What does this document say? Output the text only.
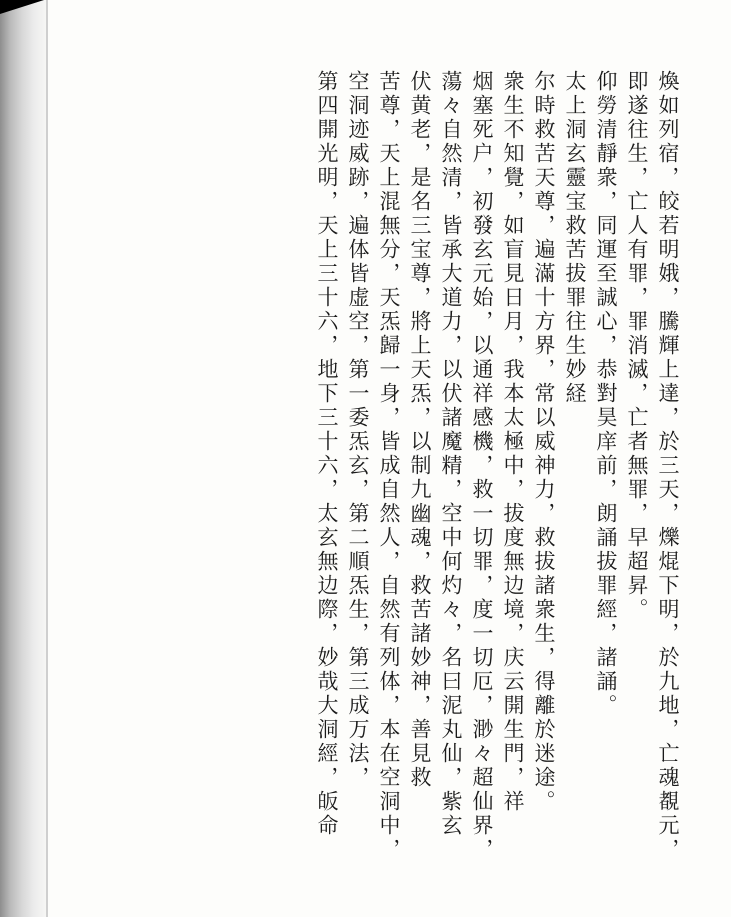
煥如列宿，皎若明娥，騰輝上達，於三天，爍焜下明，於九地，亡魂覩元，
即遂往生，亡人有罪，罪消滅，亡者無罪，早超昇。
仰勞清靜衆，同運至誠心，恭對昊庠前，朗誦拔罪經，諸誦。
太上洞玄靈宝救苦拔罪往生妙経
尔時救苦天尊，遍滿十方界，常以威神力，救拔諸衆生，得離於迷途。
衆生不知覺，如盲見日月，我本太極中，拔度無边境，庆云開生門，祥
烟塞死户，初發玄元始，以通祥感機，救一切罪，度一切厄，渺々超仙界，
蕩々自然清，皆承大道力，以伏諸魔精，空中何灼々，名曰泥丸仙，紫玄
伏黄老，是名三宝尊，將上天炁，以制九幽魂，救苦諸妙神，善見救
苦尊，天上混無分，天炁歸一身，皆成自然人，自然有列体，本在空洞中，
空洞迹威跡，遍体皆虚空，第一委炁玄，第二順炁生，第三成万法，
第四開光明，天上三十六，地下三十六，太玄無边際，妙哉大洞經，皈命
